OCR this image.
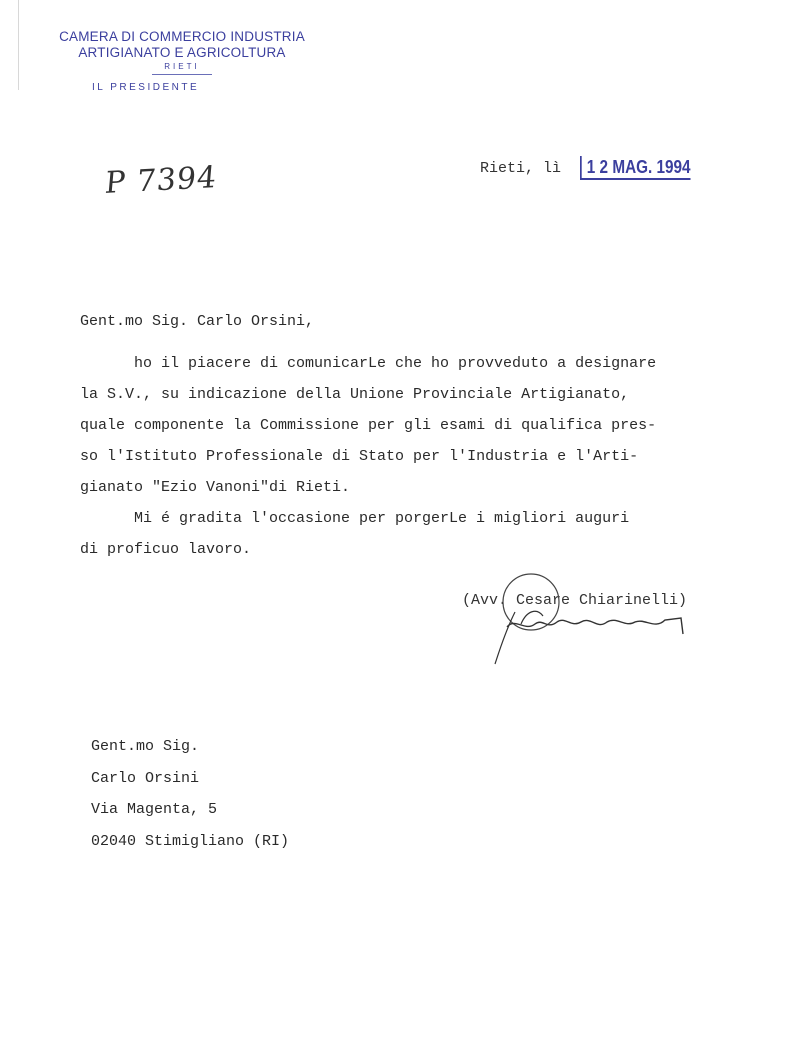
CAMERA DI COMMERCIO INDUSTRIA
ARTIGIANATO E AGRICOLTURA
RIETI
IL PRESIDENTE
P 7394	Rieti, lì	1 2 MAG. 1994
Gent.mo Sig. Carlo Orsini,

ho il piacere di comunicarLe che ho provveduto a designare

la S.V., su indicazione della Unione Provinciale Artigianato,

quale componente la Commissione per gli esami di qualifica pres-

so l'Istituto Professionale di Stato per l'Industria e l'Arti-

gianato "Ezio Vanoni"di Rieti.

Mi é gradita l'occasione per porgerLe i migliori auguri

di proficuo lavoro.

(Avv. Cesare Chiarinelli)
Gent.mo Sig.
Carlo Orsini
Via Magenta, 5
02040 Stimigliano (RI)
